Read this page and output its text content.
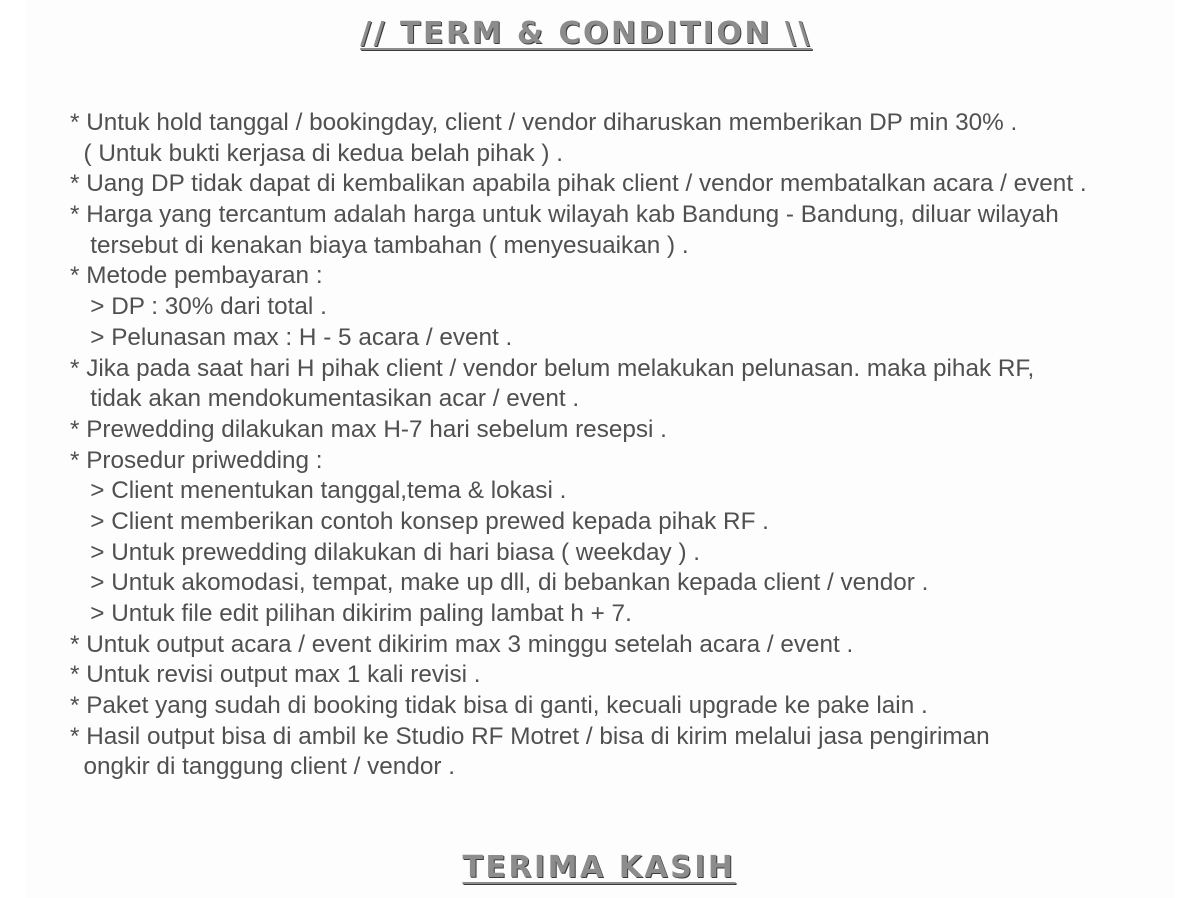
// TERM & CONDITION \\
* Untuk hold tanggal / bookingday, client / vendor diharuskan memberikan DP min 30% .
( Untuk bukti kerjasa di kedua belah pihak ) .
* Uang DP tidak dapat di kembalikan apabila pihak client / vendor membatalkan acara / event .
* Harga yang tercantum adalah harga untuk wilayah kab Bandung - Bandung, diluar wilayah
tersebut di kenakan biaya tambahan ( menyesuaikan ) .
* Metode pembayaran :
> DP : 30% dari total .
> Pelunasan max : H - 5 acara / event .
* Jika pada saat hari H pihak client / vendor belum melakukan pelunasan. maka pihak RF,
tidak akan mendokumentasikan acar / event .
* Prewedding dilakukan max H-7 hari sebelum resepsi .
* Prosedur priwedding :
> Client menentukan tanggal,tema & lokasi .
> Client memberikan contoh konsep prewed kepada pihak RF .
> Untuk prewedding dilakukan di hari biasa ( weekday ) .
> Untuk akomodasi, tempat, make up dll, di bebankan kepada client / vendor .
> Untuk file edit pilihan dikirim paling lambat h + 7.
* Untuk output acara / event dikirim max 3 minggu setelah acara / event .
* Untuk revisi output max 1 kali revisi .
* Paket yang sudah di booking tidak bisa di ganti, kecuali upgrade ke pake lain .
* Hasil output bisa di ambil ke Studio RF Motret / bisa di kirim melalui jasa pengiriman
ongkir di tanggung client / vendor .
TERIMA KASIH
